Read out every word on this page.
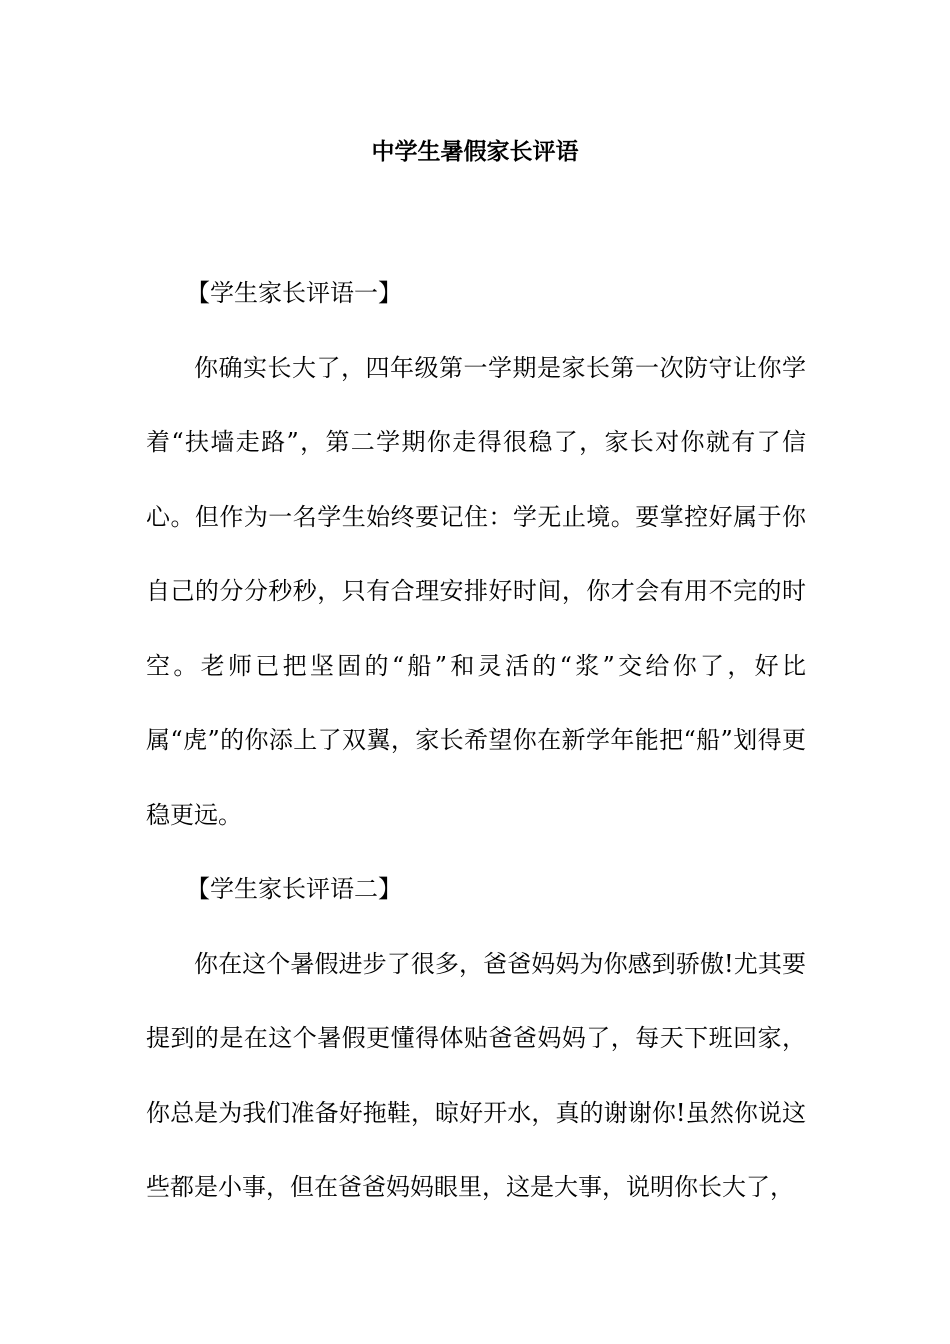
中学生暑假家长评语

【学生家长评语一】

你确实长大了，四年级第一学期是家长第一次防守让你学着“扶墙走路”，第二学期你走得很稳了，家长对你就有了信心。但作为一名学生始终要记住：学无止境。要掌控好属于你自己的分分秒秒，只有合理安排好时间，你才会有用不完的时空。老师已把坚固的“船”和灵活的“浆”交给你了，好比属“虎”的你添上了双翼，家长希望你在新学年能把“船”划得更稳更远。

【学生家长评语二】

你在这个暑假进步了很多，爸爸妈妈为你感到骄傲!尤其要提到的是在这个暑假更懂得体贴爸爸妈妈了，每天下班回家，你总是为我们准备好拖鞋，晾好开水，真的谢谢你!虽然你说这些都是小事，但在爸爸妈妈眼里，这是大事，说明你长大了，
